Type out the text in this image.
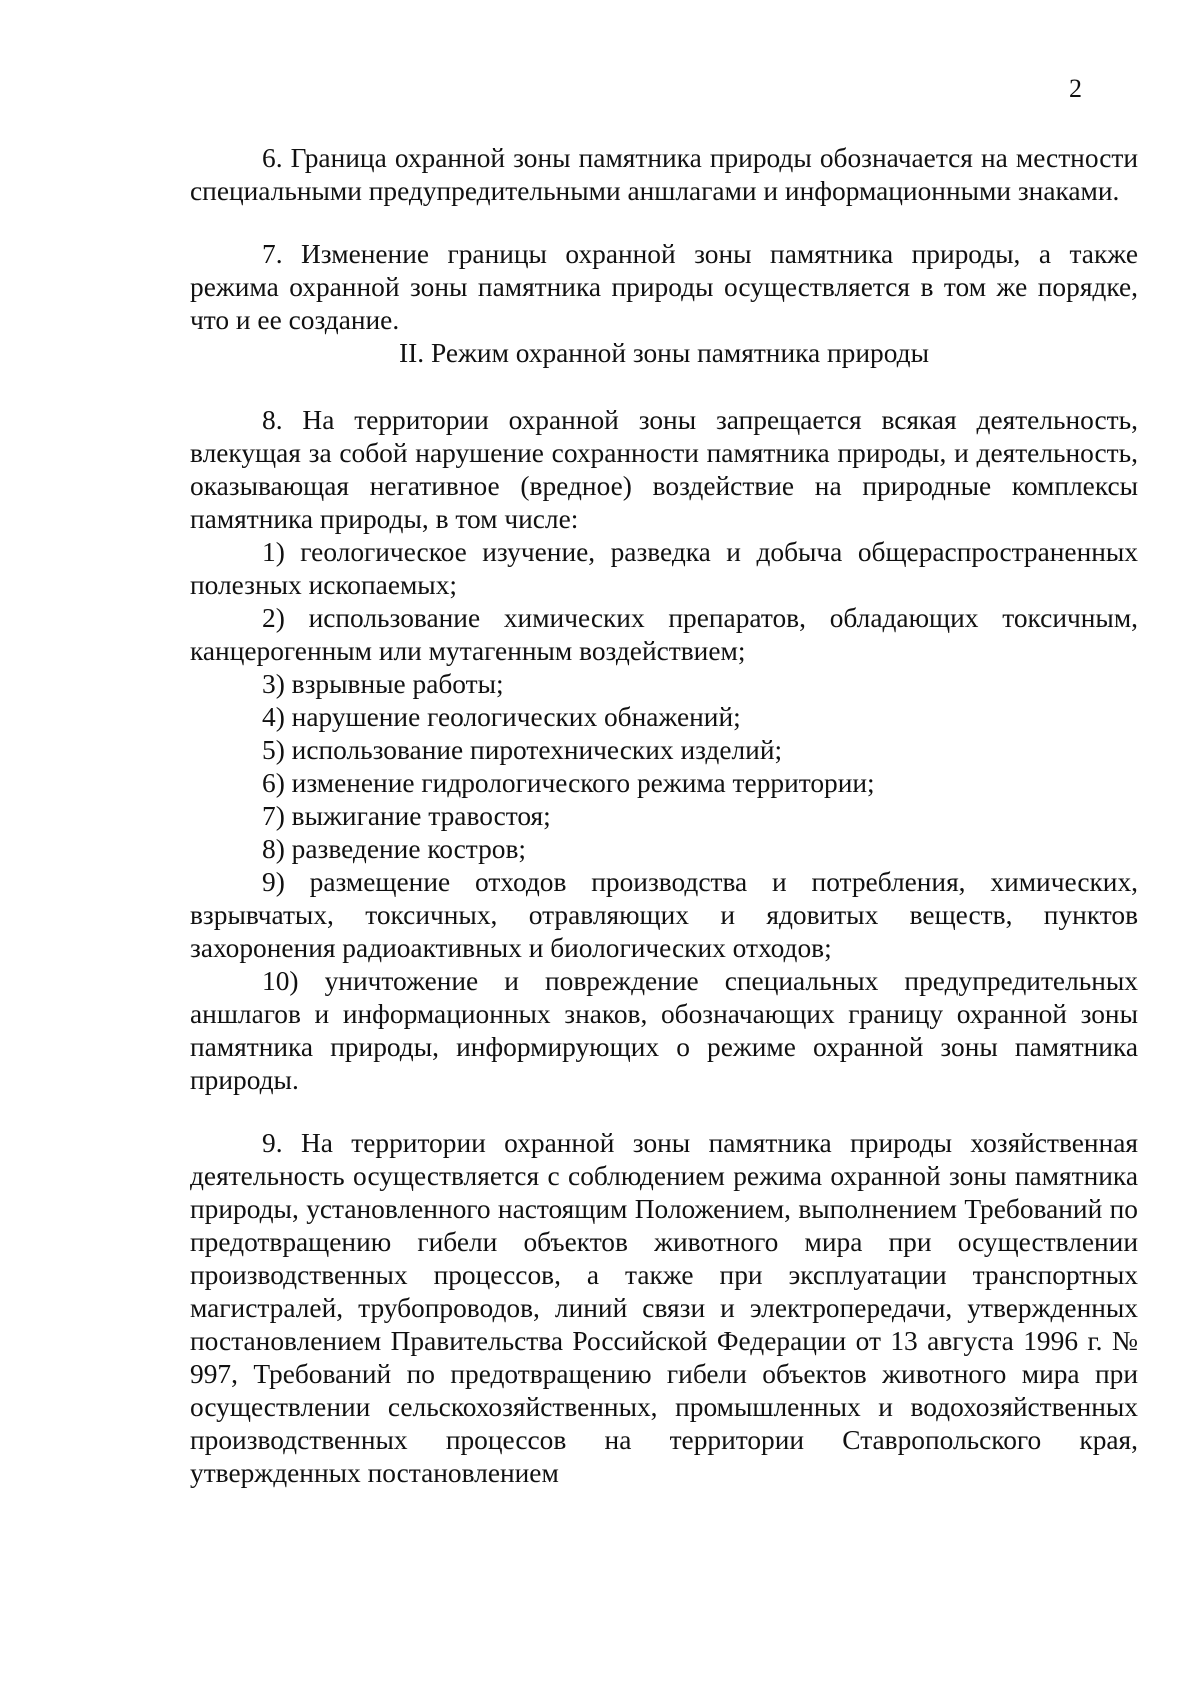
2

6. Граница охранной зоны памятника природы обозначается на местности специальными предупредительными аншлагами и информационными знаками.

7. Изменение границы охранной зоны памятника природы, а также режима охранной зоны памятника природы осуществляется в том же порядке, что и ее создание.

II. Режим охранной зоны памятника природы

8. На территории охранной зоны запрещается всякая деятельность, влекущая за собой нарушение сохранности памятника природы, и деятельность, оказывающая негативное (вредное) воздействие на природные комплексы памятника природы, в том числе:

1) геологическое изучение, разведка и добыча общераспространенных полезных ископаемых;

2) использование химических препаратов, обладающих токсичным, канцерогенным или мутагенным воздействием;

3) взрывные работы;

4) нарушение геологических обнажений;

5) использование пиротехнических изделий;

6) изменение гидрологического режима территории;

7) выжигание травостоя;

8) разведение костров;

9) размещение отходов производства и потребления, химических, взрывчатых, токсичных, отравляющих и ядовитых веществ, пунктов захоронения радиоактивных и биологических отходов;

10) уничтожение и повреждение специальных предупредительных аншлагов и информационных знаков, обозначающих границу охранной зоны памятника природы, информирующих о режиме охранной зоны памятника природы.

9. На территории охранной зоны памятника природы хозяйственная деятельность осуществляется с соблюдением режима охранной зоны памятника природы, установленного настоящим Положением, выполнением Требований по предотвращению гибели объектов животного мира при осуществлении производственных процессов, а также при эксплуатации транспортных магистралей, трубопроводов, линий связи и электропередачи, утвержденных постановлением Правительства Российской Федерации от 13 августа 1996 г. № 997, Требований по предотвращению гибели объектов животного мира при осуществлении сельскохозяйственных, промышленных и водохозяйственных производственных процессов на территории Ставропольского края, утвержденных постановлением
